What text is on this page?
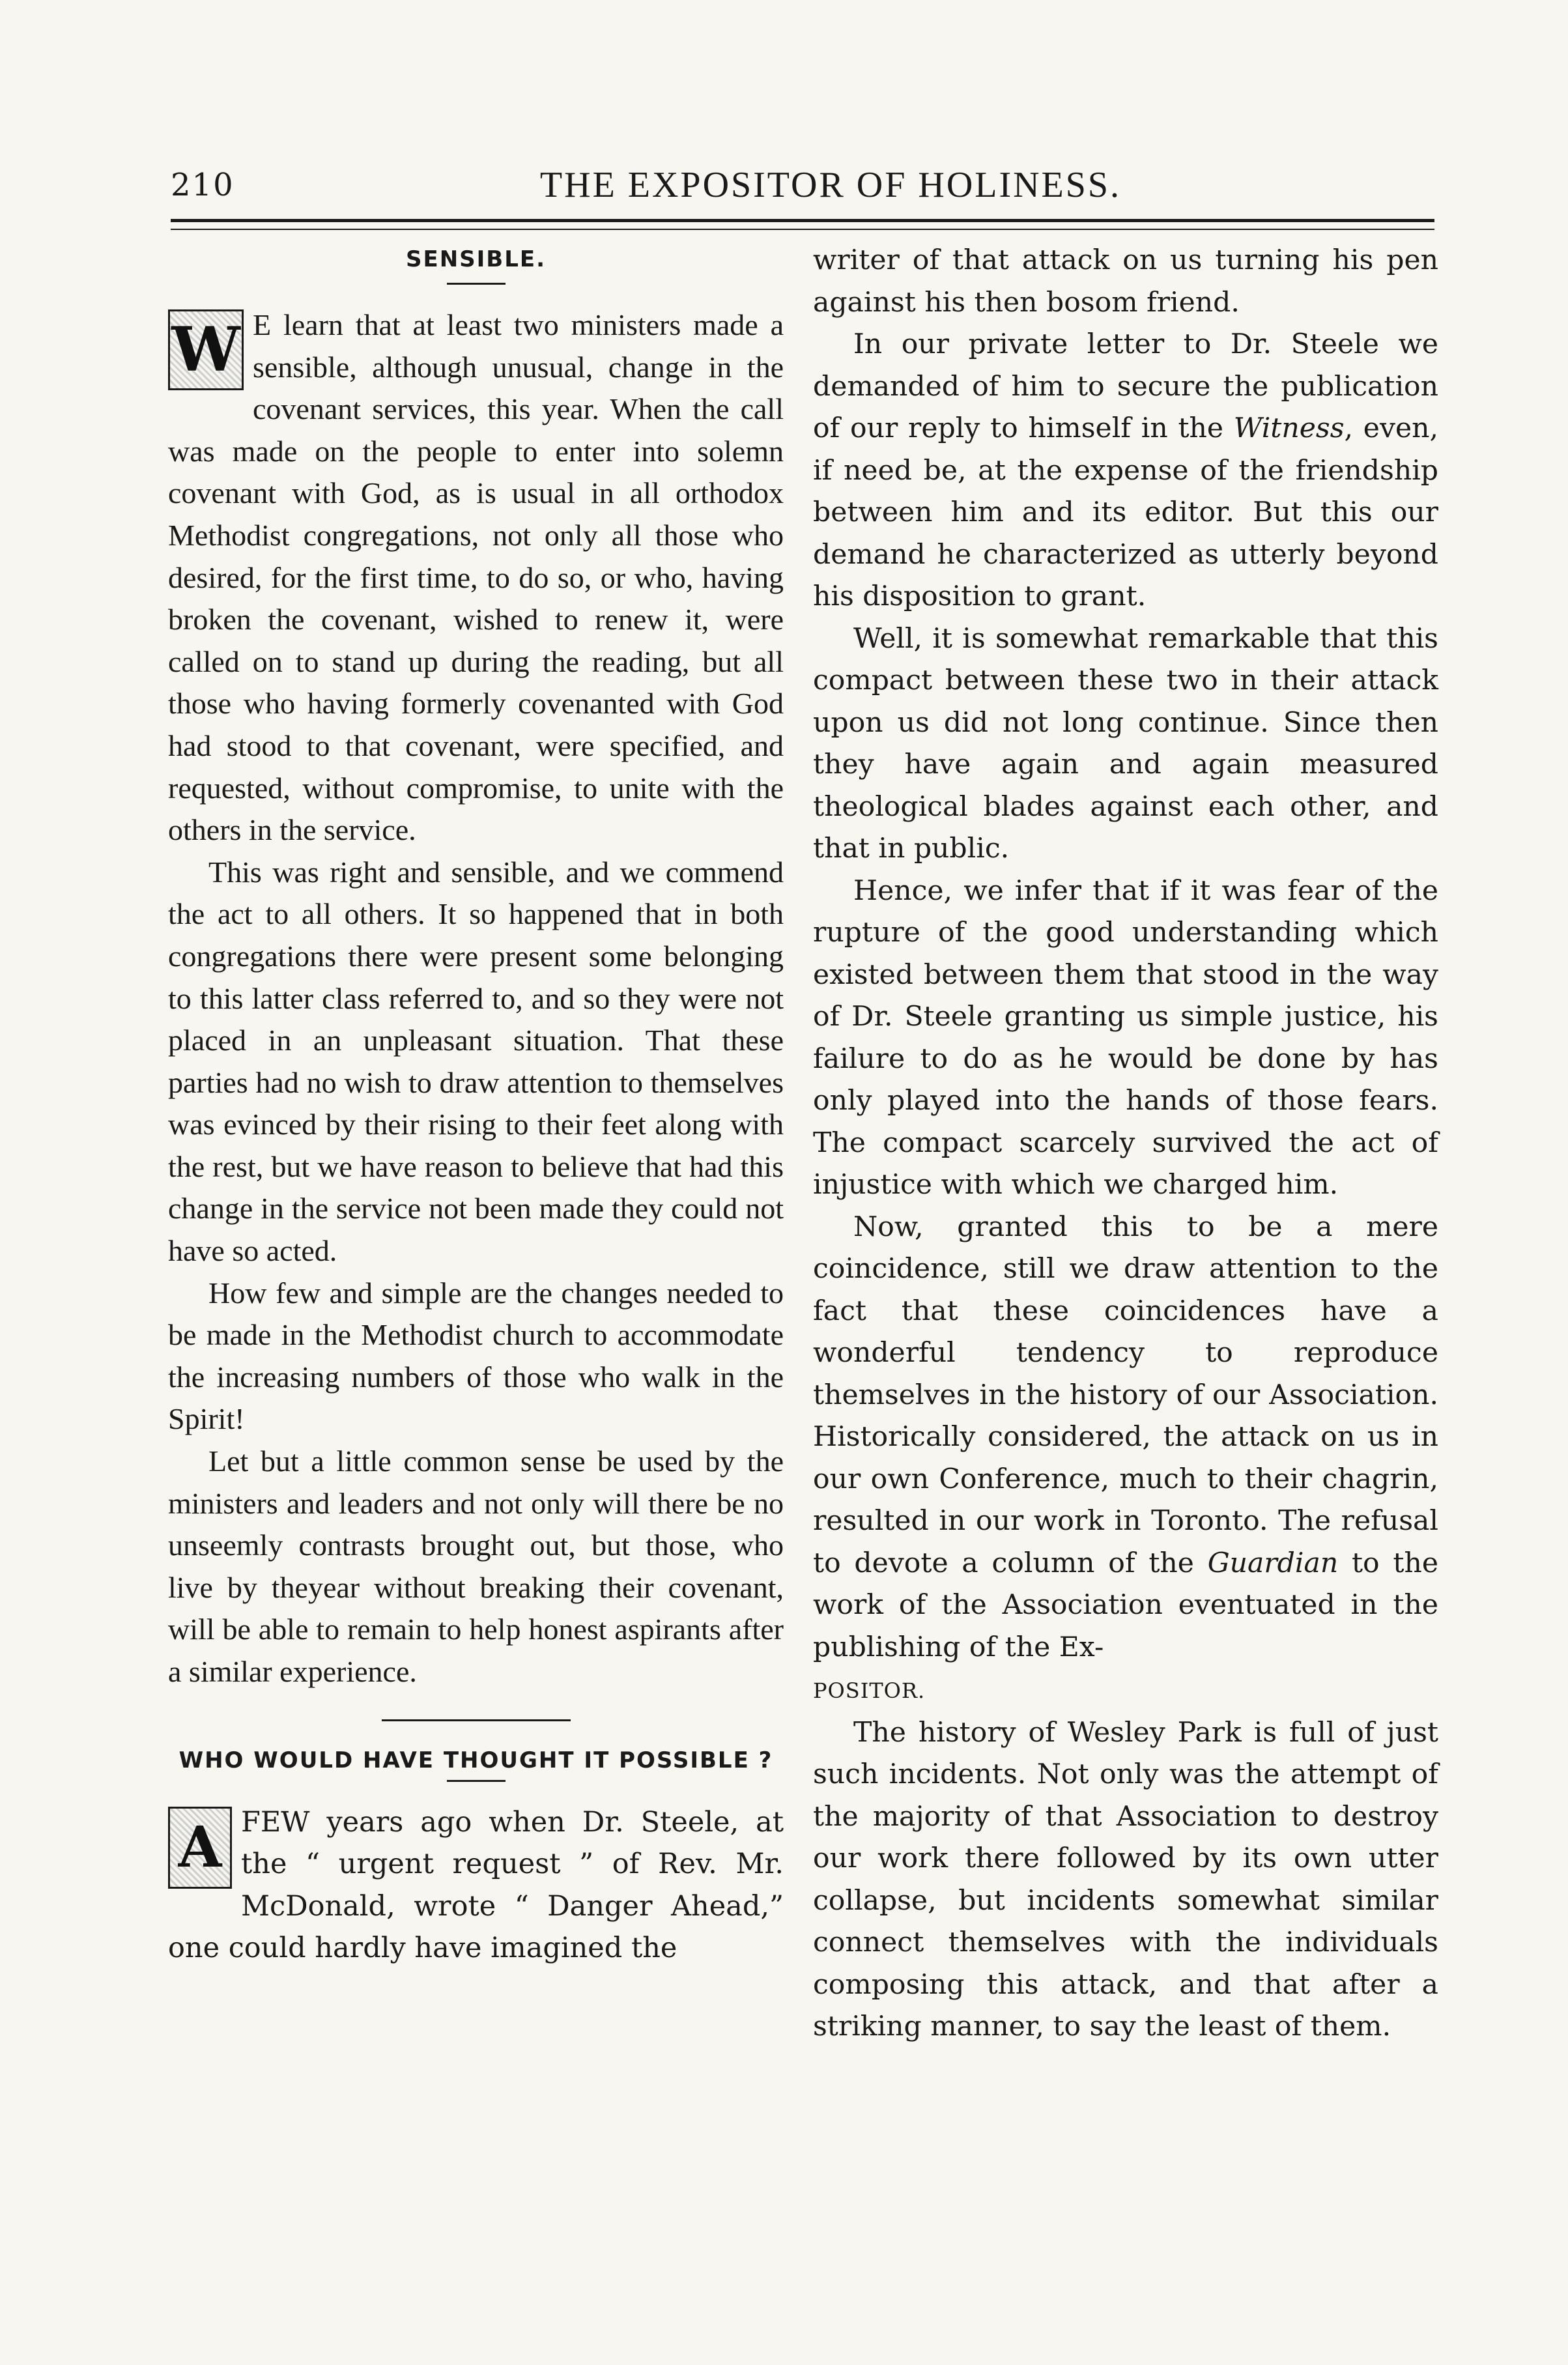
210	THE EXPOSITOR OF HOLINESS.
SENSIBLE.

W E learn that at least two ministers made a sensible, although unusual, change in the covenant services, this year. When the call was made on the people to enter into solemn covenant with God, as is usual in all orthodox Methodist congregations, not only all those who desired, for the first time, to do so, or who, having broken the covenant, wished to renew it, were called on to stand up during the reading, but all those who having formerly covenanted with God had stood to that covenant, were specified, and requested, without compromise, to unite with the others in the service.

This was right and sensible, and we commend the act to all others. It so happened that in both congregations there were present some belonging to this latter class referred to, and so they were not placed in an unpleasant situation. That these parties had no wish to draw attention to themselves was evinced by their rising to their feet along with the rest, but we have reason to believe that had this change in the service not been made they could not have so acted.

How few and simple are the changes needed to be made in the Methodist church to accommodate the increasing numbers of those who walk in the Spirit!

Let but a little common sense be used by the ministers and leaders and not only will there be no unseemly contrasts brought out, but those, who live by theyear without breaking their covenant, will be able to remain to help honest aspirants after a similar experience.

WHO WOULD HAVE THOUGHT IT POSSIBLE ?

A FEW years ago when Dr. Steele, at the “ urgent request ” of Rev. Mr. McDonald, wrote “ Danger Ahead,” one could hardly have imagined the

writer of that attack on us turning his pen against his then bosom friend.

In our private letter to Dr. Steele we demanded of him to secure the publication of our reply to himself in the Witness, even, if need be, at the expense of the friendship between him and its editor. But this our demand he characterized as utterly beyond his disposition to grant.

Well, it is somewhat remarkable that this compact between these two in their attack upon us did not long continue. Since then they have again and again measured theological blades against each other, and that in public.

Hence, we infer that if it was fear of the rupture of the good understanding which existed between them that stood in the way of Dr. Steele granting us simple justice, his failure to do as he would be done by has only played into the hands of those fears. The compact scarcely survived the act of injustice with which we charged him.

Now, granted this to be a mere coincidence, still we draw attention to the fact that these coincidences have a wonderful tendency to reproduce themselves in the history of our Association. Historically considered, the attack on us in our own Conference, much to their chagrin, resulted in our work in Toronto. The refusal to devote a column of the Guardian to the work of the Association eventuated in the publishing of the Ex-
POSITOR.

The history of Wesley Park is full of just such incidents. Not only was the attempt of the majority of that Association to destroy our work there followed by its own utter collapse, but incidents somewhat similar connect themselves with the individuals composing this attack, and that after a striking manner, to say the least of them.
